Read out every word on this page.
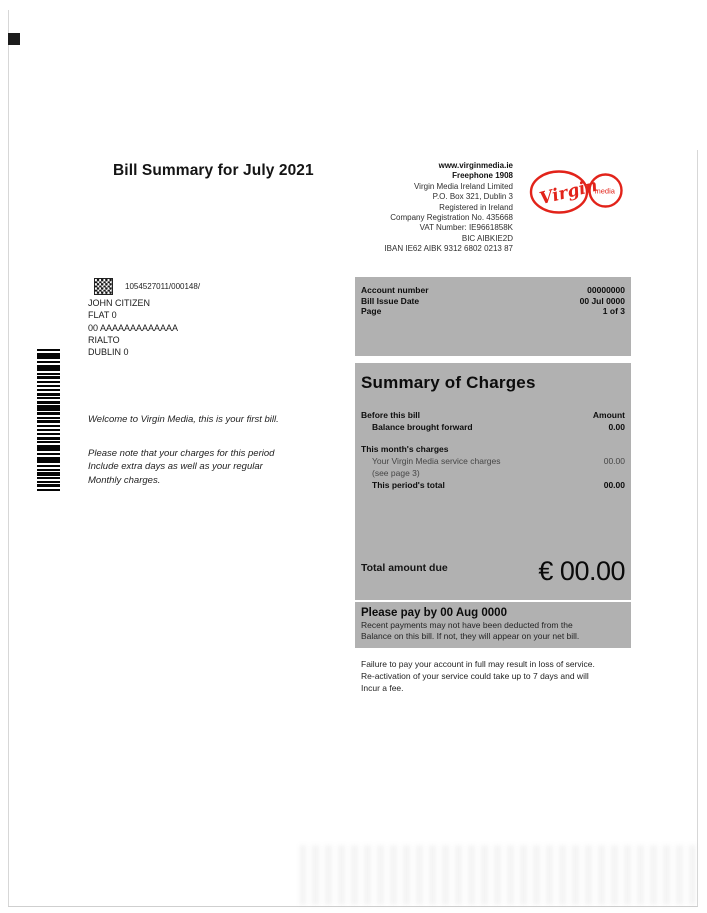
Bill Summary for July 2021	www.virginmedia.ie
Freephone 1908
Virgin Media Ireland Limited
P.O. Box 321, Dublin 3
Registered in Ireland
Company Registration No. 435668
VAT Number: IE9661858K
BIC AIBKIE2D
IBAN IE62 AIBK 9312 6802 0213 87
Virgin
media
Account number	00000000
Bill Issue Date	00 Jul 0000
Page	1 of 3
1054527011/000148/
JOHN CITIZEN
FLAT 0
00 AAAAAAAAAAAAA
RIALTO
DUBLIN 0
Welcome to Virgin Media, this is your first bill.
Please note that your charges for this period
Include extra days as well as your regular
Monthly charges.
Summary of Charges
Before this bill	Amount
Balance brought forward	0.00
This month's charges
Your Virgin Media service charges	00.00
(see page 3)
This period's total	00.00
Total amount due	€ 00.00
Please pay by 00 Aug 0000
Recent payments may not have been deducted from the
Balance on this bill. If not, they will appear on your net bill.
Failure to pay your account in full may result in loss of service.
Re-activation of your service could take up to 7 days and will
Incur a fee.
